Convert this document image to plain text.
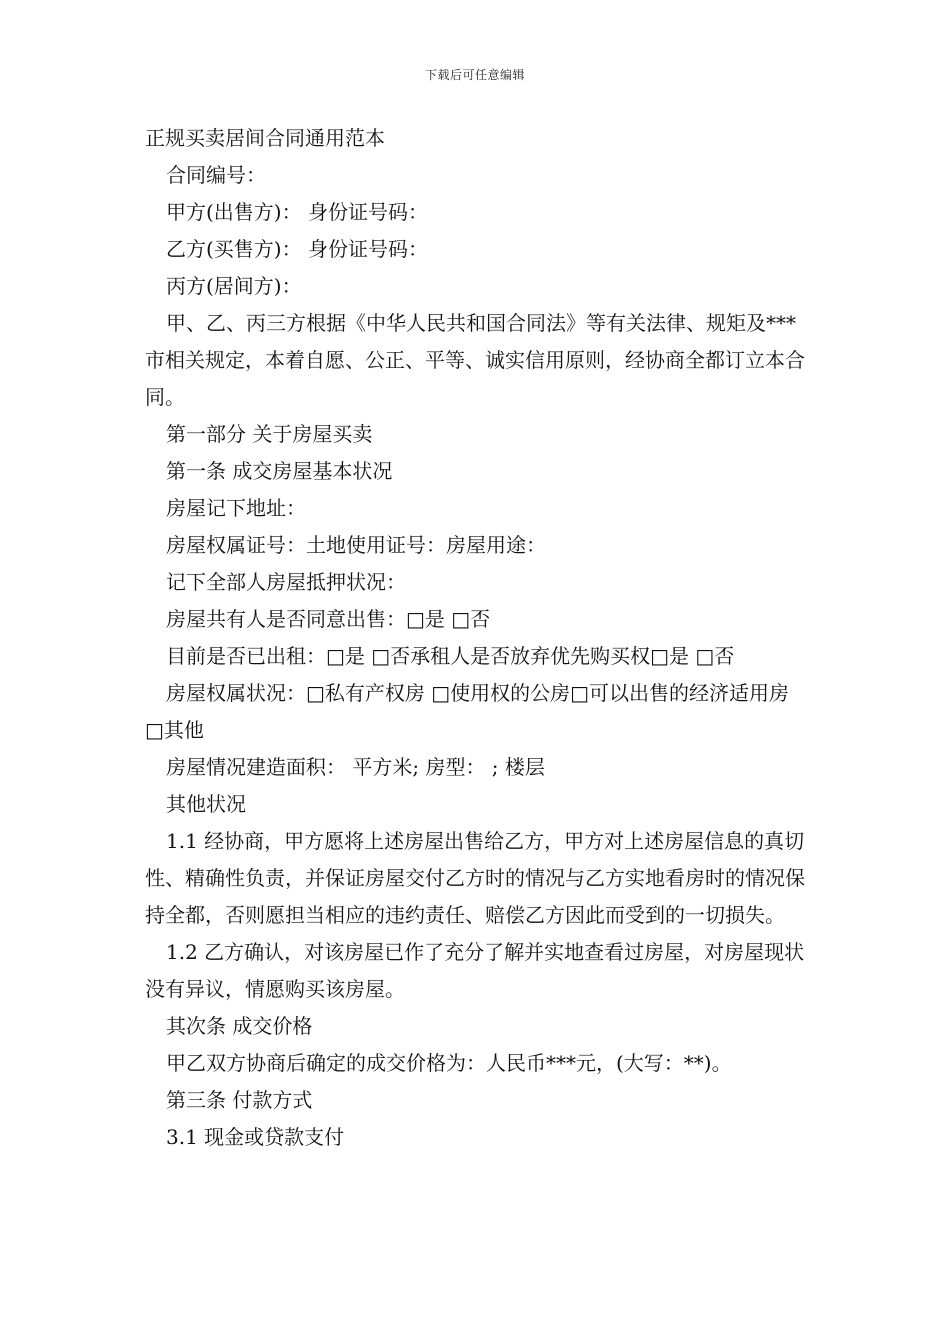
下载后可任意编辑

正规买卖居间合同通用范本

合同编号：

甲方(出售方)： 身份证号码：

乙方(买售方)： 身份证号码：

丙方(居间方)：

甲、乙、丙三方根据《中华人民共和国合同法》等有关法律、规矩及***市相关规定，本着自愿、公正、平等、诚实信用原则，经协商全都订立本合同。

第一部分 关于房屋买卖

第一条 成交房屋基本状况

房屋记下地址：

房屋权属证号：土地使用证号：房屋用途：

记下全部人房屋抵押状况：

房屋共有人是否同意出售：□是 □否

目前是否已出租：□是 □否承租人是否放弃优先购买权□是 □否

房屋权属状况：□私有产权房 □使用权的公房□可以出售的经济适用房 □其他

房屋情况建造面积： 平方米; 房型： ; 楼层

其他状况

1.1 经协商，甲方愿将上述房屋出售给乙方，甲方对上述房屋信息的真切性、精确性负责，并保证房屋交付乙方时的情况与乙方实地看房时的情况保持全都，否则愿担当相应的违约责任、赔偿乙方因此而受到的一切损失。

1.2 乙方确认，对该房屋已作了充分了解并实地查看过房屋，对房屋现状没有异议，情愿购买该房屋。

其次条 成交价格

甲乙双方协商后确定的成交价格为：人民币***元，(大写：**)。

第三条 付款方式

3.1 现金或贷款支付
